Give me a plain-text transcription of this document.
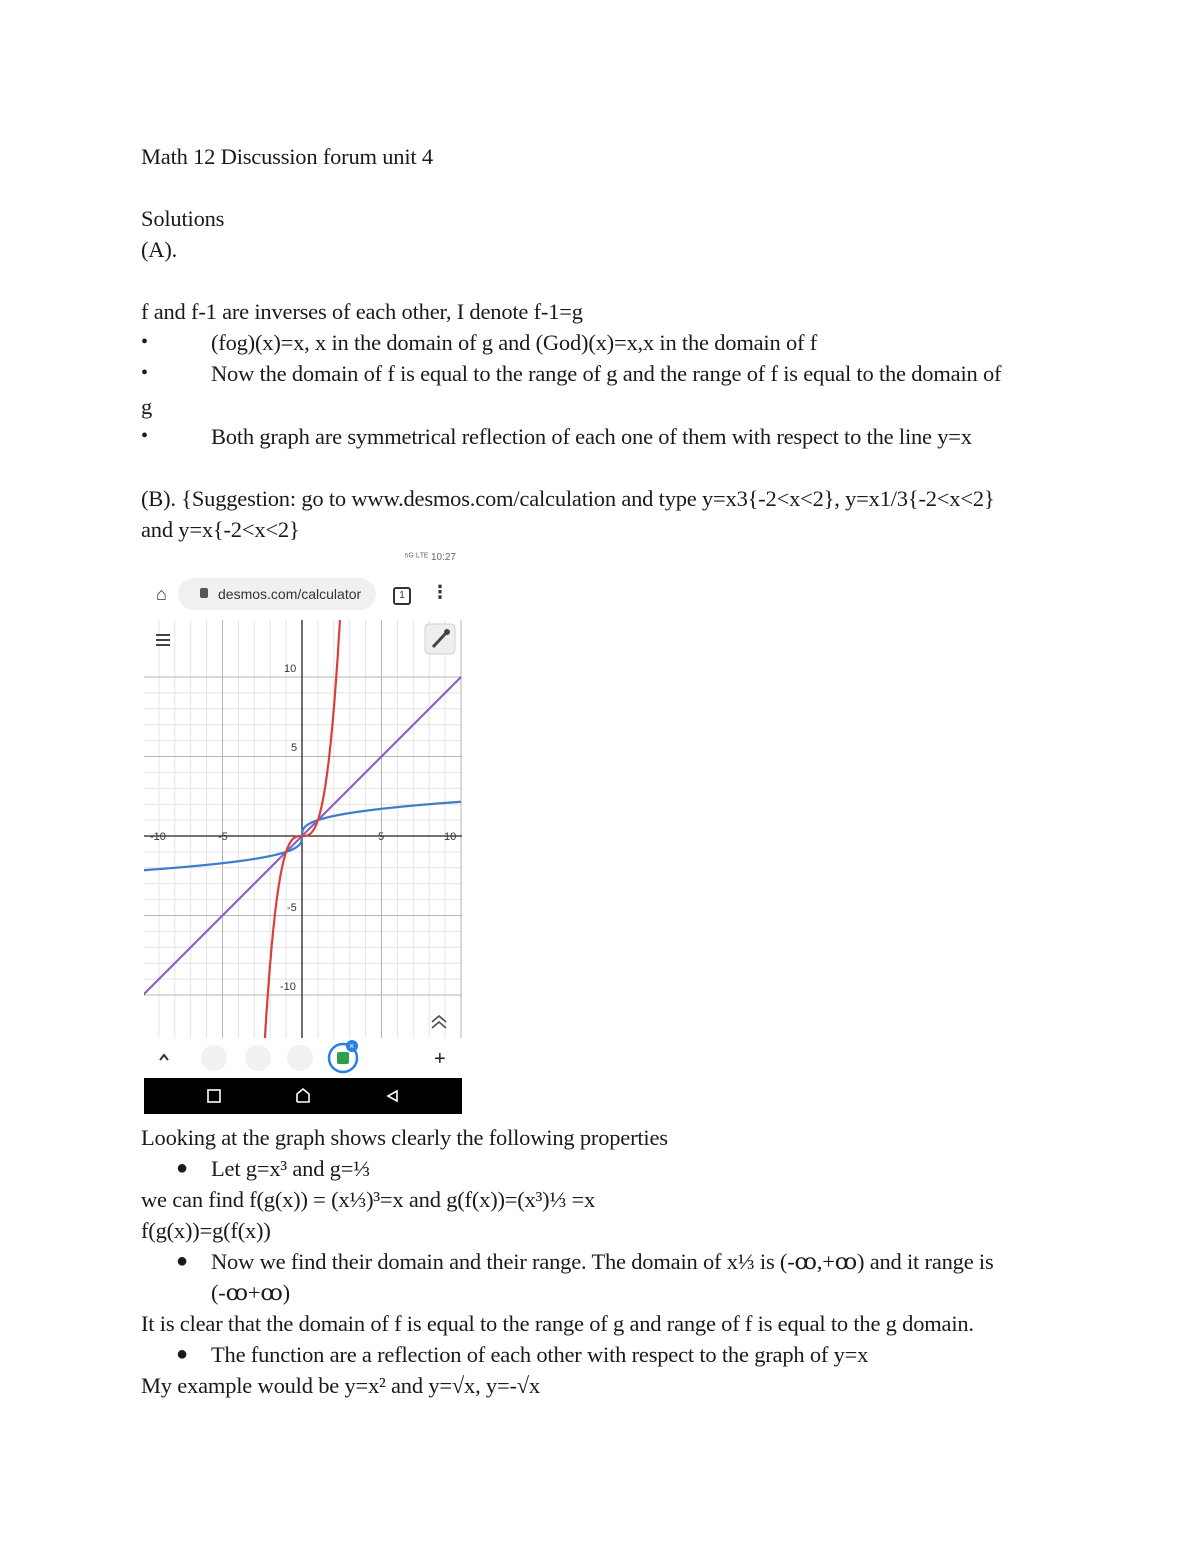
Math 12 Discussion forum unit 4
Solutions
(A).
f and f-1 are inverses of each other, I denote f-1=g
•	(fog)(x)=x, x in the domain of g and (God)(x)=x,x in the domain of f
•	Now the domain of f is equal to the range of g and the range of f is equal to the domain of
g
•	Both graph are symmetrical reflection of each one of them with respect to the line y=x
(B). {Suggestion: go to www.desmos.com/calculation and type y=x3{-2<x<2}, y=x1/3{-2<x<2}
and y=x{-2<x<2}
⁵ᴳ ᴸᵀᴱ 10:27
⌂	desmos.com/calculator	1	⋮
-10	-5	5	10
10
5
-5
-10
×
+
Looking at the graph shows clearly the following properties
● Let g=x³ and g=⅓
we can find f(g(x)) = (x⅓)³=x and g(f(x))=(x³)⅓ =x
f(g(x))=g(f(x))
● Now we find their domain and their range. The domain of x⅓ is (-ꝏ,+ꝏ) and it range is
(-ꝏ+ꝏ)
It is clear that the domain of f is equal to the range of g and range of f is equal to the g domain.
● The function are a reflection of each other with respect to the graph of y=x
My example would be y=x² and y=√x, y=-√x
